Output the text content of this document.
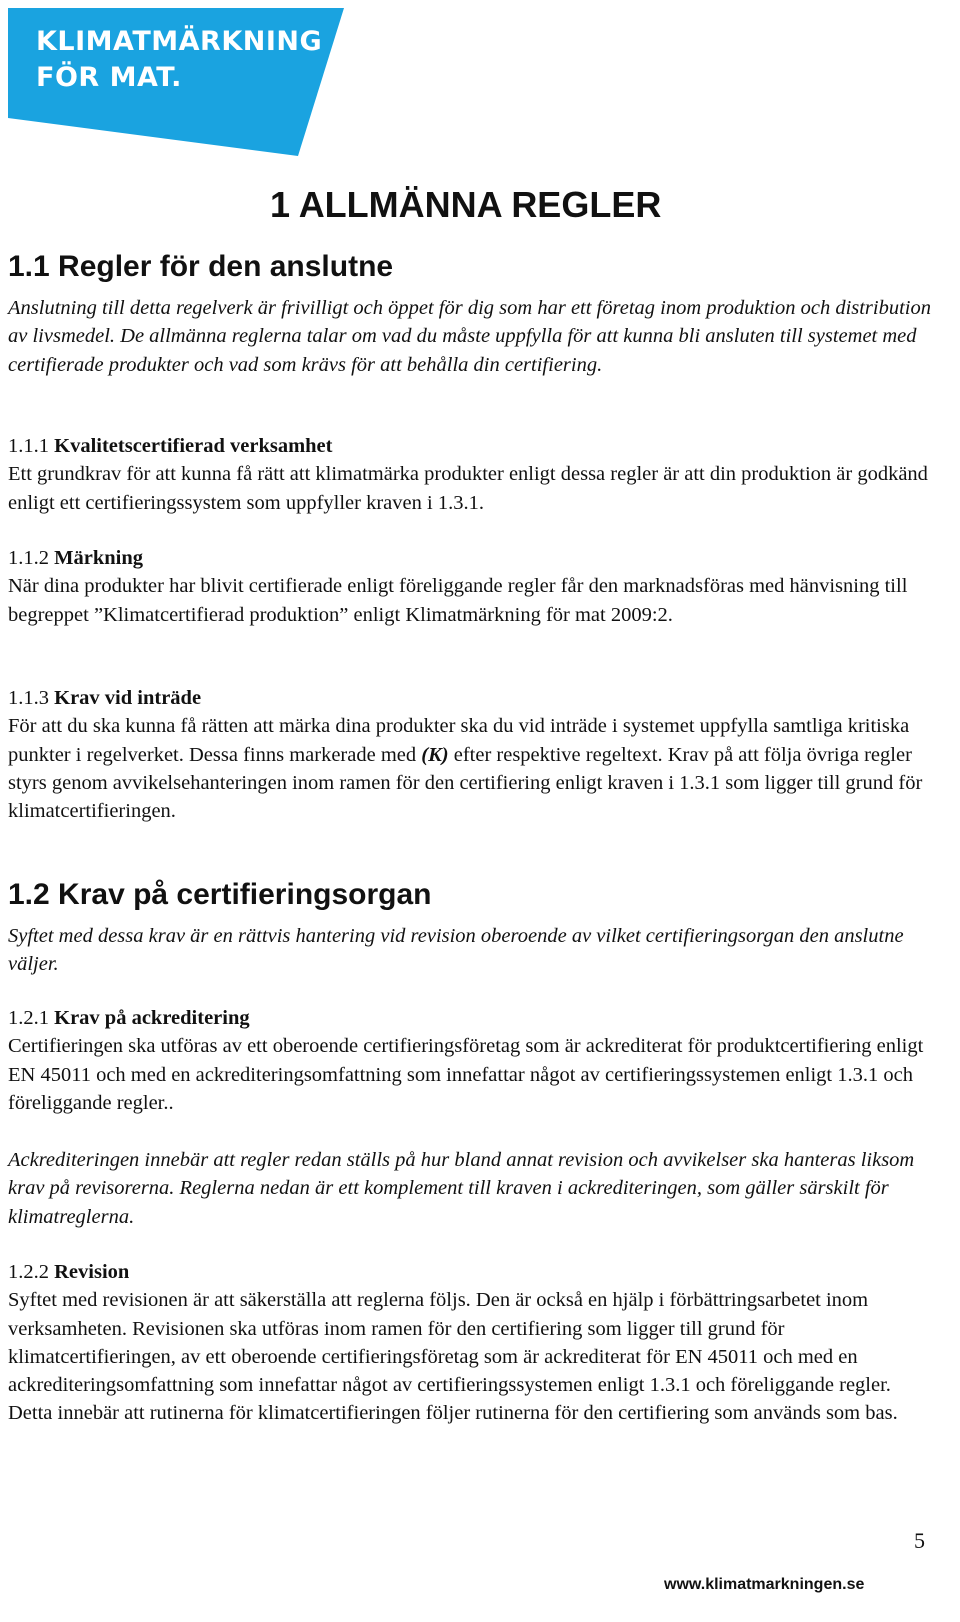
KLIMATMÄRKNING
FÖR MAT.
1 ALLMÄNNA REGLER
1.1 Regler för den anslutne
Anslutning till detta regelverk är frivilligt och öppet för dig som har ett företag inom produktion och distribution av livsmedel. De allmänna reglerna talar om vad du måste uppfylla för att kunna bli ansluten till systemet med certifierade produkter och vad som krävs för att behålla din certifiering.
1.1.1 Kvalitetscertifierad verksamhet
Ett grundkrav för att kunna få rätt att klimatmärka produkter enligt dessa regler är att din produktion är godkänd enligt ett certifieringssystem som uppfyller kraven i 1.3.1.
1.1.2 Märkning
När dina produkter har blivit certifierade enligt föreliggande regler får den marknadsföras med hänvisning till begreppet ”Klimatcertifierad produktion” enligt Klimatmärkning för mat 2009:2.
1.1.3 Krav vid inträde
För att du ska kunna få rätten att märka dina produkter ska du vid inträde i systemet uppfylla samtliga kritiska punkter i regelverket. Dessa finns markerade med (K) efter respektive regeltext. Krav på att följa övriga regler styrs genom avvikelsehanteringen inom ramen för den certifiering enligt kraven i 1.3.1 som ligger till grund för klimatcertifieringen.
1.2 Krav på certifieringsorgan
Syftet med dessa krav är en rättvis hantering vid revision oberoende av vilket certifieringsorgan den anslutne väljer.
1.2.1 Krav på ackreditering
Certifieringen ska utföras av ett oberoende certifieringsföretag som är ackrediterat för produktcertifiering enligt EN 45011 och med en ackrediteringsomfattning som innefattar något av certifieringssystemen enligt 1.3.1 och föreliggande regler..
Ackrediteringen innebär att regler redan ställs på hur bland annat revision och avvikelser ska hanteras liksom krav på revisorerna. Reglerna nedan är ett komplement till kraven i ackrediteringen, som gäller särskilt för klimatreglerna.
1.2.2 Revision
Syftet med revisionen är att säkerställa att reglerna följs. Den är också en hjälp i förbättringsarbetet inom verksamheten. Revisionen ska utföras inom ramen för den certifiering som ligger till grund för klimatcertifieringen, av ett oberoende certifieringsföretag som är ackrediterat för EN 45011 och med en ackrediteringsomfattning som innefattar något av certifieringssystemen enligt 1.3.1 och föreliggande regler. Detta innebär att rutinerna för klimatcertifieringen följer rutinerna för den certifiering som används som bas.
5
www.klimatmarkningen.se
